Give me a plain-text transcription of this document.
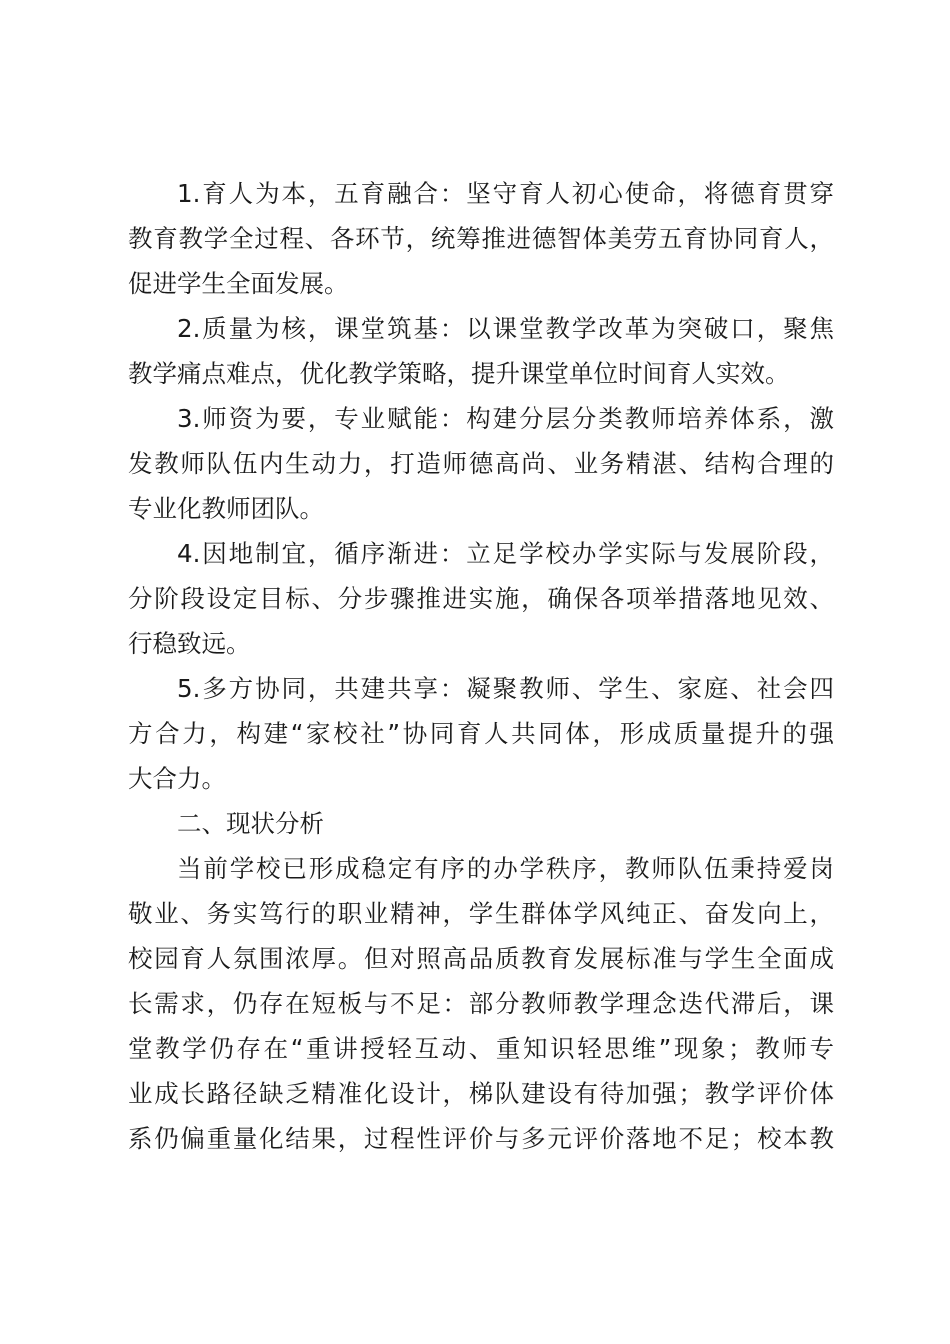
1.育人为本，五育融合：坚守育人初心使命，将德育贯穿
教育教学全过程、各环节，统筹推进德智体美劳五育协同育人，
促进学生全面发展。

2.质量为核，课堂筑基：以课堂教学改革为突破口，聚焦
教学痛点难点，优化教学策略，提升课堂单位时间育人实效。

3.师资为要，专业赋能：构建分层分类教师培养体系，激
发教师队伍内生动力，打造师德高尚、业务精湛、结构合理的
专业化教师团队。

4.因地制宜，循序渐进：立足学校办学实际与发展阶段，
分阶段设定目标、分步骤推进实施，确保各项举措落地见效、
行稳致远。

5.多方协同，共建共享：凝聚教师、学生、家庭、社会四
方合力，构建“家校社”协同育人共同体，形成质量提升的强
大合力。

二、现状分析

当前学校已形成稳定有序的办学秩序，教师队伍秉持爱岗
敬业、务实笃行的职业精神，学生群体学风纯正、奋发向上，
校园育人氛围浓厚。但对照高品质教育发展标准与学生全面成
长需求，仍存在短板与不足：部分教师教学理念迭代滞后，课
堂教学仍存在“重讲授轻互动、重知识轻思维”现象；教师专
业成长路径缺乏精准化设计，梯队建设有待加强；教学评价体
系仍偏重量化结果，过程性评价与多元评价落地不足；校本教
